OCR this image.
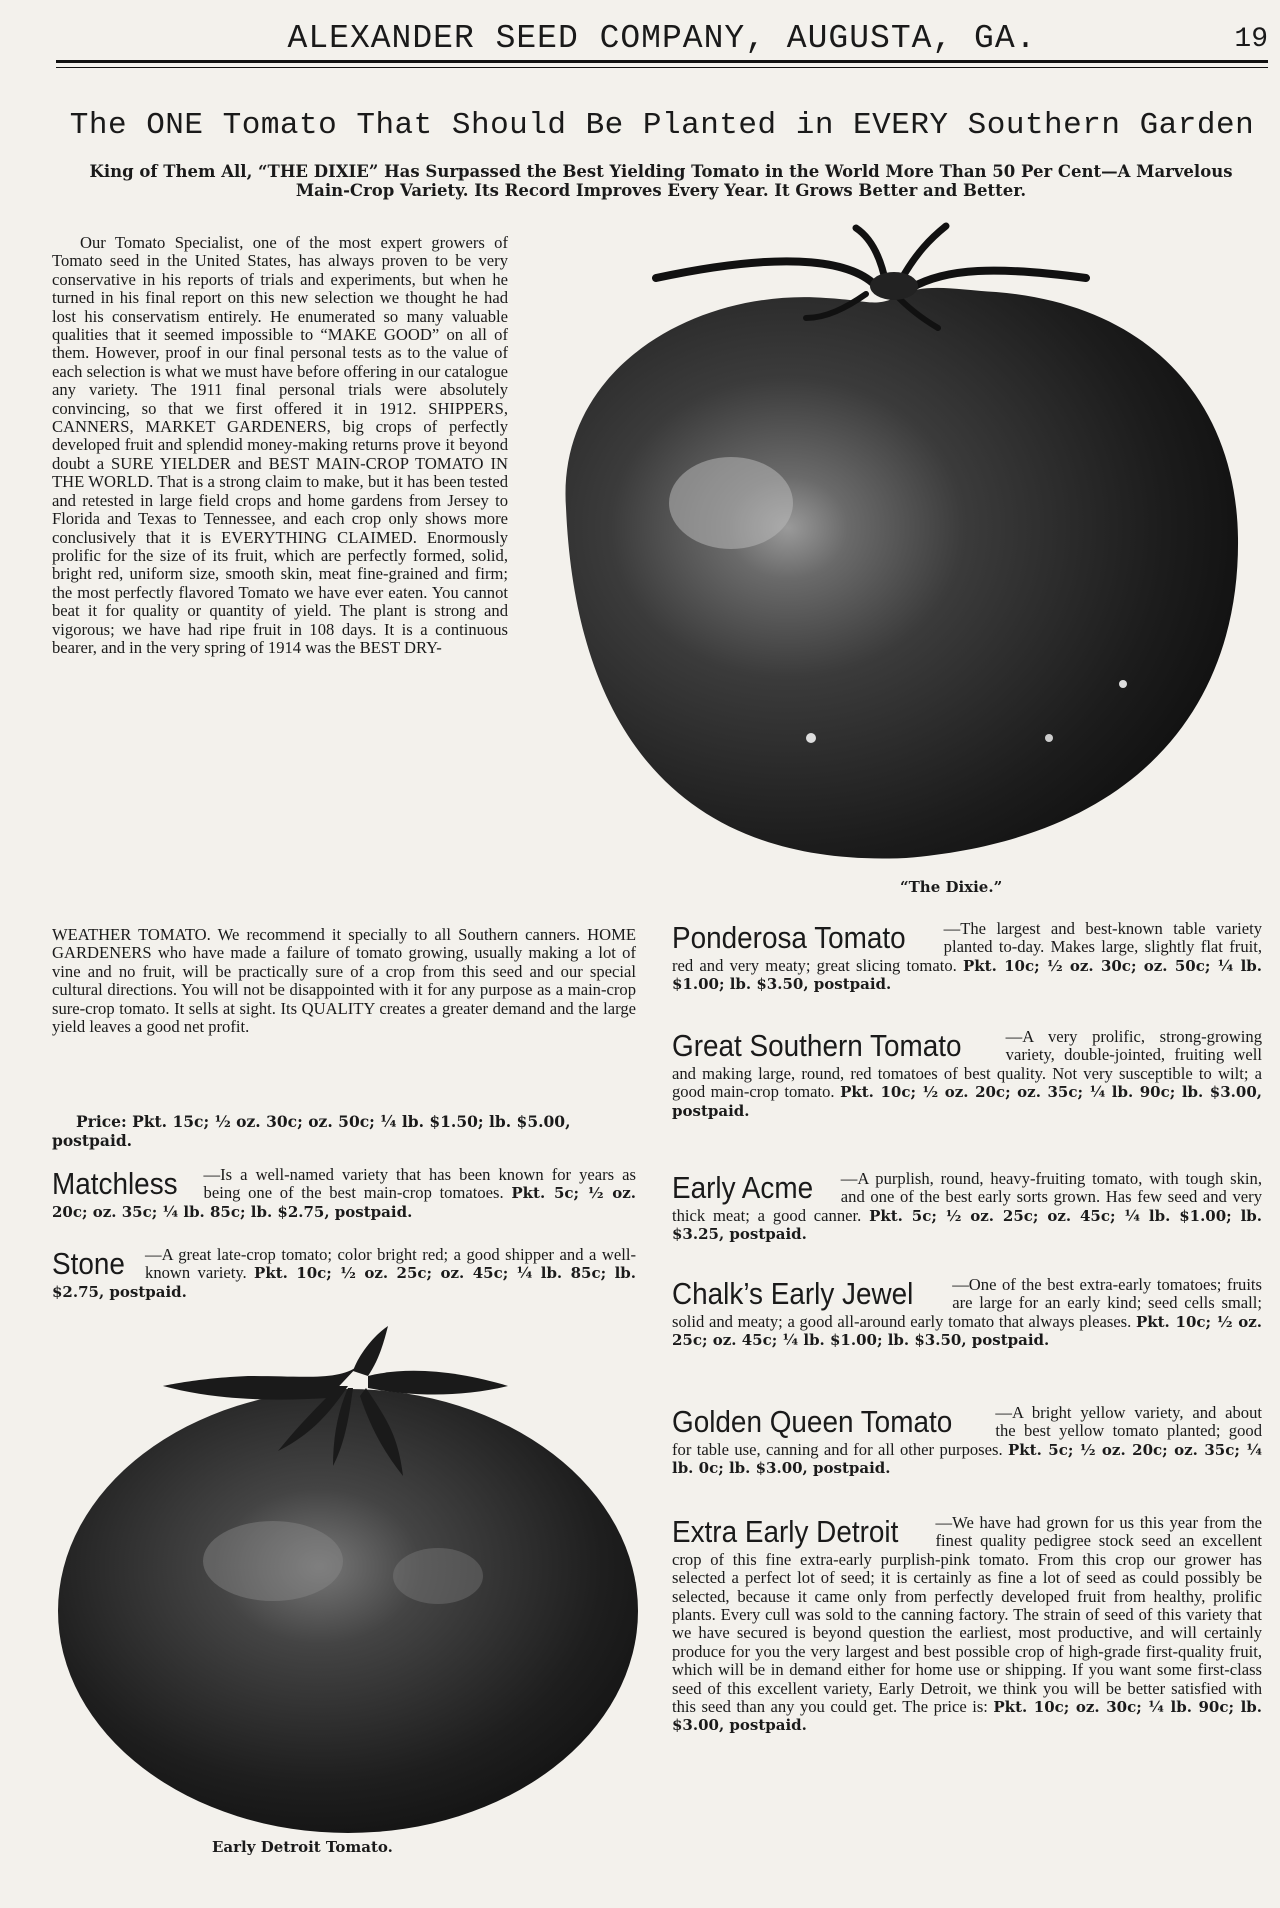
ALEXANDER SEED COMPANY, AUGUSTA, GA.	19
The ONE Tomato That Should Be Planted in EVERY Southern Garden
King of Them All, “THE DIXIE” Has Surpassed the Best Yielding Tomato in the World More Than 50 Per Cent—A Marvelous Main-Crop Variety. Its Record Improves Every Year. It Grows Better and Better.

Our Tomato Specialist, one of the most expert growers of Tomato seed in the United States, has always proven to be very conservative in his reports of trials and experiments, but when he turned in his final report on this new selection we thought he had lost his conservatism entirely. He enumerated so many valuable qualities that it seemed impossible to “MAKE GOOD” on all of them. However, proof in our final personal tests as to the value of each selection is what we must have before offering in our catalogue any variety. The 1911 final personal trials were absolutely convincing, so that we first offered it in 1912. SHIPPERS, CANNERS, MARKET GARDENERS, big crops of perfectly developed fruit and splendid money-making returns prove it beyond doubt a SURE YIELDER and BEST MAIN-CROP TOMATO IN THE WORLD. That is a strong claim to make, but it has been tested and retested in large field crops and home gardens from Jersey to Florida and Texas to Tennessee, and each crop only shows more conclusively that it is EVERYTHING CLAIMED. Enormously prolific for the size of its fruit, which are perfectly formed, solid, bright red, uniform size, smooth skin, meat fine-grained and firm; the most perfectly flavored Tomato we have ever eaten. You cannot beat it for quality or quantity of yield. The plant is strong and vigorous; we have had ripe fruit in 108 days. It is a continuous bearer, and in the very spring of 1914 was the BEST DRY-

“The Dixie.”

WEATHER TOMATO. We recommend it specially to all Southern canners. HOME GARDENERS who have made a failure of tomato growing, usually making a lot of vine and no fruit, will be practically sure of a crop from this seed and our special cultural directions. You will not be disappointed with it for any purpose as a main-crop sure-crop tomato. It sells at sight. Its QUALITY creates a greater demand and the large yield leaves a good net profit.

Price: Pkt. 15c; ½ oz. 30c; oz. 50c; ¼ lb. $1.50; lb. $5.00, postpaid.

Matchless —Is a well-named variety that has been known for years as being one of the best main-crop tomatoes. Pkt. 5c; ½ oz. 20c; oz. 35c; ¼ lb. 85c; lb. $2.75, postpaid.

Stone —A great late-crop tomato; color bright red; a good shipper and a well-known variety. Pkt. 10c; ½ oz. 25c; oz. 45c; ¼ lb. 85c; lb. $2.75, postpaid.

Early Detroit Tomato.

Ponderosa Tomato —The largest and best-known table variety planted to-day. Makes large, slightly flat fruit, red and very meaty; great slicing tomato. Pkt. 10c; ½ oz. 30c; oz. 50c; ¼ lb. $1.00; lb. $3.50, postpaid.

Great Southern Tomato	—A very prolific, strong-growing variety, double-jointed, fruiting well and making large, round, red tomatoes of best quality. Not very susceptible to wilt; a good main-crop tomato. Pkt. 10c; ½ oz. 20c; oz. 35c; ¼ lb. 90c; lb. $3.00, postpaid.

Early Acme —A purplish, round, heavy-fruiting tomato, with tough skin, and one of the best early sorts grown. Has few seed and very thick meat; a good canner. Pkt. 5c; ½ oz. 25c; oz. 45c; ¼ lb. $1.00; lb. $3.25, postpaid.

Chalk’s Early Jewel —One of the best extra-early tomatoes; fruits are large for an early kind; seed cells small; solid and meaty; a good all-around early tomato that always pleases. Pkt. 10c; ½ oz. 25c; oz. 45c; ¼ lb. $1.00; lb. $3.50, postpaid.

Golden Queen Tomato	—A bright yellow variety, and about the best yellow tomato planted; good for table use, canning and for all other purposes. Pkt. 5c; ½ oz. 20c; oz. 35c; ¼ lb. 0c; lb. $3.00, postpaid.

Extra Early Detroit —We have had grown for us this year from the finest quality pedigree stock seed an excellent crop of this fine extra-early purplish-pink tomato. From this crop our grower has selected a perfect lot of seed; it is certainly as fine a lot of seed as could possibly be selected, because it came only from perfectly developed fruit from healthy, prolific plants. Every cull was sold to the canning factory. The strain of seed of this variety that we have secured is beyond question the earliest, most productive, and will certainly produce for you the very largest and best possible crop of high-grade first-quality fruit, which will be in demand either for home use or shipping. If you want some first-class seed of this excellent variety, Early Detroit, we think you will be better satisfied with this seed than any you could get. The price is: Pkt. 10c; oz. 30c; ¼ lb. 90c; lb. $3.00, postpaid.
